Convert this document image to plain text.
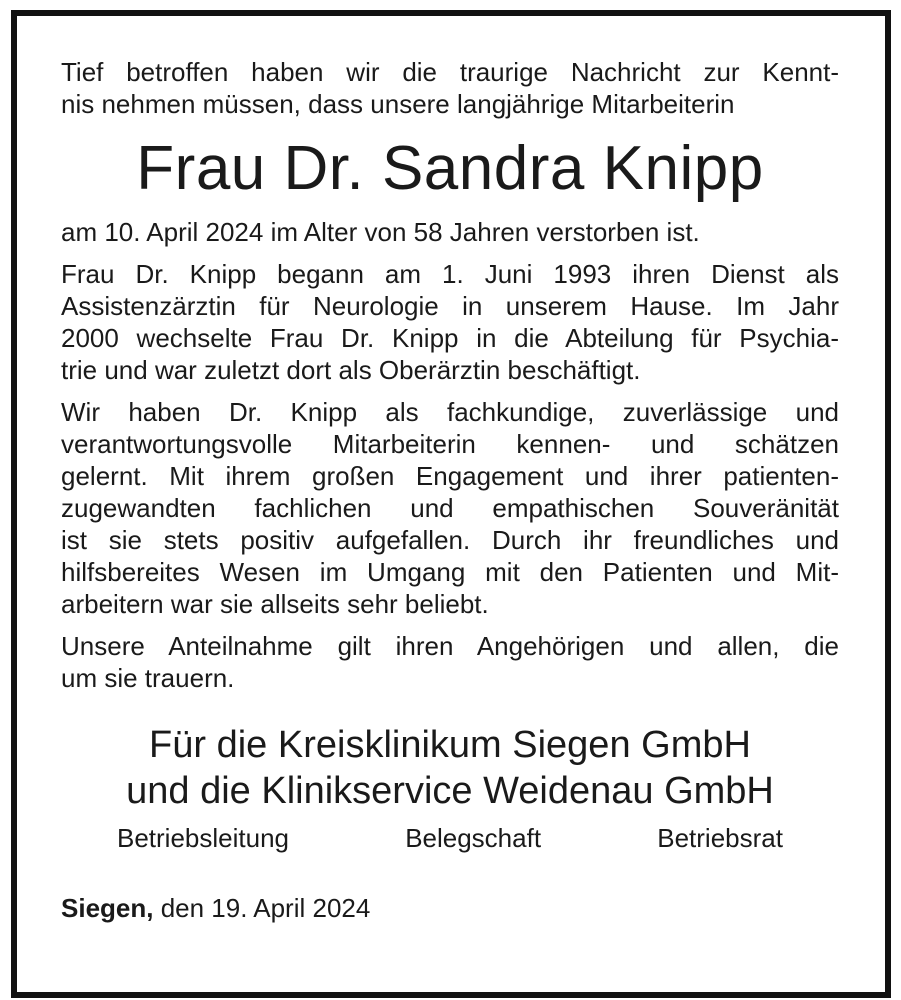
Tief betroffen haben wir die traurige Nachricht zur Kennt-
nis nehmen müssen, dass unsere langjährige Mitarbeiterin

Frau Dr. Sandra Knipp

am 10. April 2024 im Alter von 58 Jahren verstorben ist.

Frau Dr. Knipp begann am 1. Juni 1993 ihren Dienst als
Assistenzärztin für Neurologie in unserem Hause. Im Jahr
2000 wechselte Frau Dr. Knipp in die Abteilung für Psychia-
trie und war zuletzt dort als Oberärztin beschäftigt.

Wir haben Dr. Knipp als fachkundige, zuverlässige und
verantwortungsvolle Mitarbeiterin kennen- und schätzen
gelernt. Mit ihrem großen Engagement und ihrer patienten-
zugewandten fachlichen und empathischen Souveränität
ist sie stets positiv aufgefallen. Durch ihr freundliches und
hilfsbereites Wesen im Umgang mit den Patienten und Mit-
arbeitern war sie allseits sehr beliebt.

Unsere Anteilnahme gilt ihren Angehörigen und allen, die
um sie trauern.

Für die Kreisklinikum Siegen GmbH
und die Klinikservice Weidenau GmbH
Betriebsleitung	Belegschaft	Betriebsrat
Siegen, den 19. April 2024
